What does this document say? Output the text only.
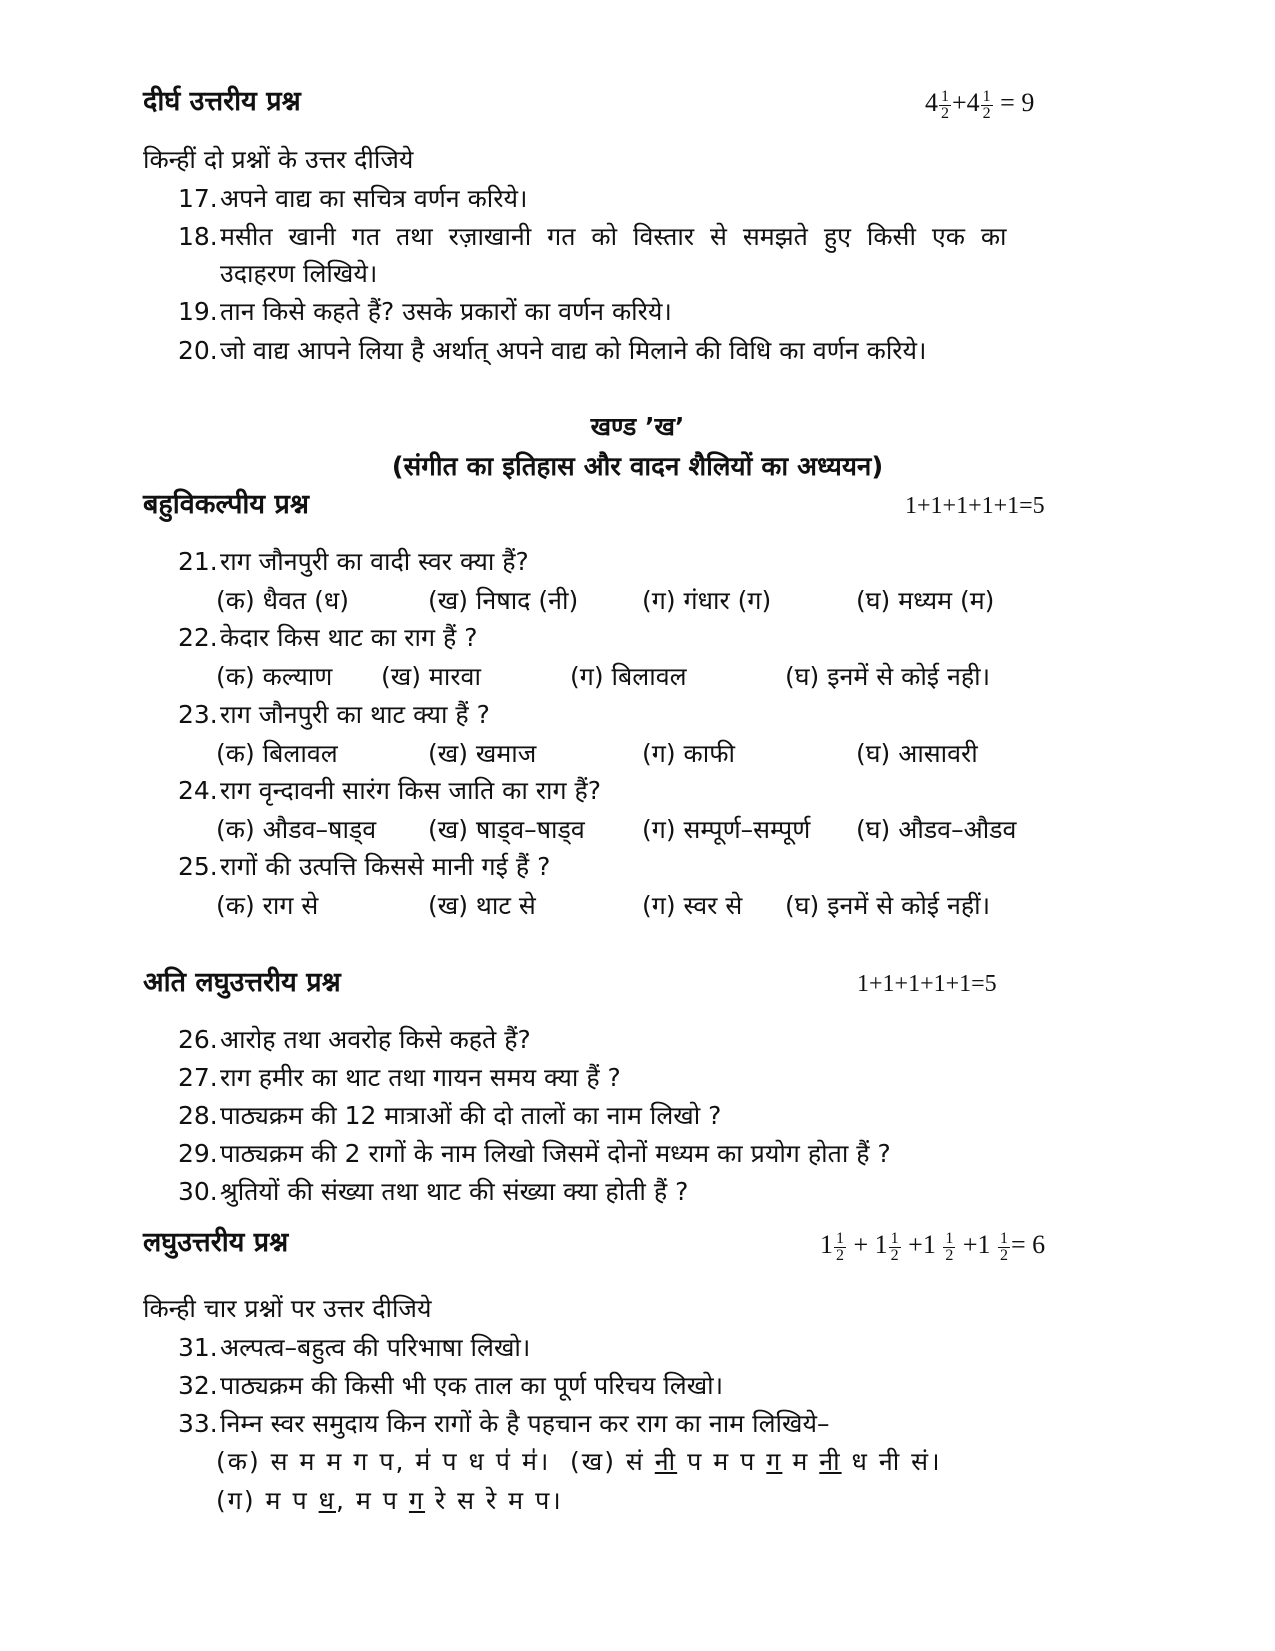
दीर्घ उत्तरीय प्रश्न	$4 \frac{1}{2} +4 \frac{1}{2} = 9$
किन्हीं दो प्रश्नों के उत्तर दीजिये
17.अपने वाद्य का सचित्र वर्णन करिये।
18.मसीत खानी गत तथा रज़ाखानी गत को विस्तार से समझते हुए किसी एक का
उदाहरण लिखिये।
19.तान किसे कहते हैं? उसके प्रकारों का वर्णन करिये।
20.जो वाद्य आपने लिया है अर्थात् अपने वाद्य को मिलाने की विधि का वर्णन करिये।
खण्ड ’ख’
(संगीत का इतिहास और वादन शैलियों का अध्ययन)
बहुविकल्पीय प्रश्न	1+1+1+1+1=5
21.राग जौनपुरी का वादी स्वर क्या हैं?
(क) धैवत (ध)	(ख) निषाद (नी)	(ग) गंधार (ग)	(घ) मध्यम (म)
22.केदार किस थाट का राग हैं ?
(क) कल्याण (ख) मारवा	(ग) बिलावल	(घ) इनमें से कोई नही।
23.राग जौनपुरी का थाट क्या हैं ?
(क) बिलावल	(ख) खमाज	(ग) काफी	(घ) आसावरी
24.राग वृन्दावनी सारंग किस जाति का राग हैं?
(क) औडव–षाड्व (ख) षाड्व–षाड्व (ग) सम्पूर्ण–सम्पूर्ण (घ) औडव–औडव
25.रागों की उत्पत्ति किससे मानी गई हैं ?
(क) राग से	(ख) थाट से	(ग) स्वर से (घ) इनमें से कोई नहीं।
अति लघुउत्तरीय प्रश्न	1+1+1+1+1=5
26.आरोह तथा अवरोह किसे कहते हैं?
27.राग हमीर का थाट तथा गायन समय क्या हैं ?
28.पाठ्यक्रम की 12 मात्राओं की दो तालों का नाम लिखो ?
29.पाठ्यक्रम की 2 रागों के नाम लिखो जिसमें दोनों मध्यम का प्रयोग होता हैं ?
30.श्रुतियों की संख्या तथा थाट की संख्या क्या होती हैं ?
लघुउत्तरीय प्रश्न	$1 \frac{1}{2} + 1 \frac{1}{2} +1 \frac{1}{2} +1 \frac{1}{2} = 6$
किन्ही चार प्रश्नों पर उत्तर दीजिये
31.अल्पत्व–बहुत्व की परिभाषा लिखो।
32.पाठ्यक्रम की किसी भी एक ताल का पूर्ण परिचय लिखो।
33.निम्न स्वर समुदाय किन रागों के है पहचान कर राग का नाम लिखिये–
(क) स म म ग प, म॑ प ध प॑ म॑। (ख) सं नी प म प ग म नी ध नी सं।
(ग) म प ध, म प ग रे स रे म प।
